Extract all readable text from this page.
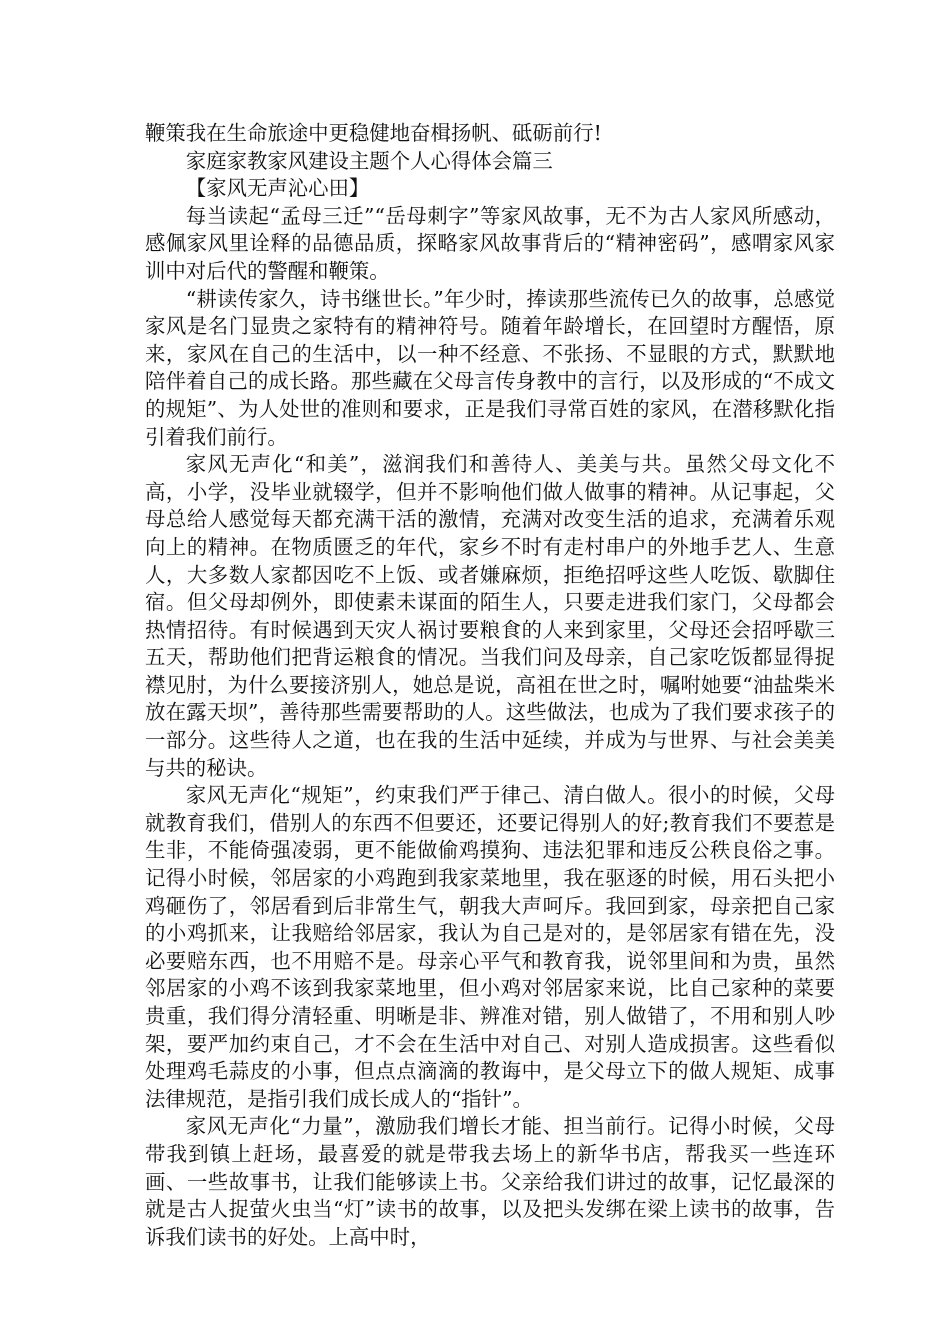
鞭策我在生命旅途中更稳健地奋楫扬帆、砥砺前行!

家庭家教家风建设主题个人心得体会篇三

【家风无声沁心田】

每当读起“孟母三迁”“岳母刺字”等家风故事，无不为古人家风所感动，感佩家风里诠释的品德品质，探略家风故事背后的“精神密码”，感喟家风家训中对后代的警醒和鞭策。

“耕读传家久，诗书继世长。”年少时，捧读那些流传已久的故事，总感觉家风是名门显贵之家特有的精神符号。随着年龄增长，在回望时方醒悟，原来，家风在自己的生活中，以一种不经意、不张扬、不显眼的方式，默默地陪伴着自己的成长路。那些藏在父母言传身教中的言行，以及形成的“不成文的规矩”、为人处世的准则和要求，正是我们寻常百姓的家风，在潜移默化指引着我们前行。

家风无声化“和美”，滋润我们和善待人、美美与共。虽然父母文化不高，小学，没毕业就辍学，但并不影响他们做人做事的精神。从记事起，父母总给人感觉每天都充满干活的激情，充满对改变生活的追求，充满着乐观向上的精神。在物质匮乏的年代，家乡不时有走村串户的外地手艺人、生意人，大多数人家都因吃不上饭、或者嫌麻烦，拒绝招呼这些人吃饭、歇脚住宿。但父母却例外，即使素未谋面的陌生人，只要走进我们家门，父母都会热情招待。有时候遇到天灾人祸讨要粮食的人来到家里，父母还会招呼歇三五天，帮助他们把背运粮食的情况。当我们问及母亲，自己家吃饭都显得捉襟见肘，为什么要接济别人，她总是说，高祖在世之时，嘱咐她要“油盐柴米放在露天坝”，善待那些需要帮助的人。这些做法，也成为了我们要求孩子的一部分。这些待人之道，也在我的生活中延续，并成为与世界、与社会美美与共的秘诀。

家风无声化“规矩”，约束我们严于律己、清白做人。很小的时候，父母就教育我们，借别人的东西不但要还，还要记得别人的好;教育我们不要惹是生非，不能倚强凌弱，更不能做偷鸡摸狗、违法犯罪和违反公秩良俗之事。记得小时候，邻居家的小鸡跑到我家菜地里，我在驱逐的时候，用石头把小鸡砸伤了，邻居看到后非常生气，朝我大声呵斥。我回到家，母亲把自己家的小鸡抓来，让我赔给邻居家，我认为自己是对的，是邻居家有错在先，没必要赔东西，也不用赔不是。母亲心平气和教育我，说邻里间和为贵，虽然邻居家的小鸡不该到我家菜地里，但小鸡对邻居家来说，比自己家种的菜要贵重，我们得分清轻重、明晰是非、辨准对错，别人做错了，不用和别人吵架，要严加约束自己，才不会在生活中对自己、对别人造成损害。这些看似处理鸡毛蒜皮的小事，但点点滴滴的教诲中，是父母立下的做人规矩、成事法律规范，是指引我们成长成人的“指针”。

家风无声化“力量”，激励我们增长才能、担当前行。记得小时候，父母带我到镇上赶场，最喜爱的就是带我去场上的新华书店，帮我买一些连环画、一些故事书，让我们能够读上书。父亲给我们讲过的故事，记忆最深的就是古人捉萤火虫当“灯”读书的故事，以及把头发绑在梁上读书的故事，告诉我们读书的好处。上高中时，
